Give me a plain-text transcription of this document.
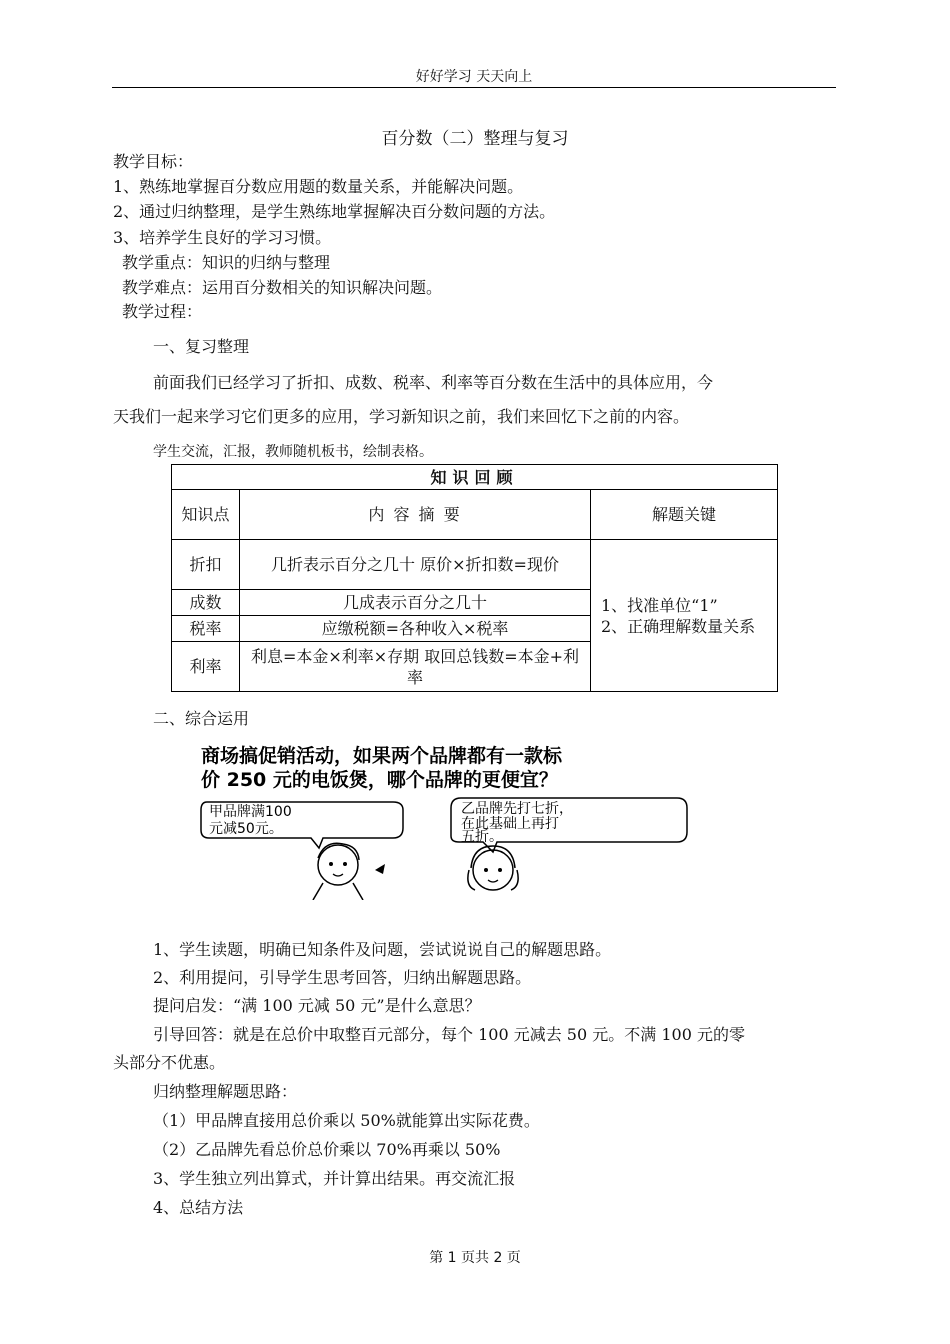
好好学习 天天向上
百分数（二）整理与复习
教学目标：
1、熟练地掌握百分数应用题的数量关系，并能解决问题。
2、通过归纳整理，是学生熟练地掌握解决百分数问题的方法。
3、培养学生良好的学习习惯。
教学重点：知识的归纳与整理
教学难点：运用百分数相关的知识解决问题。
教学过程：
一、复习整理
前面我们已经学习了折扣、成数、税率、利率等百分数在生活中的具体应用，今
天我们一起来学习它们更多的应用，学习新知识之前，我们来回忆下之前的内容。
学生交流，汇报，教师随机板书，绘制表格。
知识回顾		
知识点	内 容 摘 要	解题关键
折扣	几折表示百分之几十 原价×折扣数=现价	1、找准单位“1”
2、正确理解数量关系

成数	几成表示百分之几十	
税率	应缴税额=各种收入×税率	
利率	利息=本金×利率×存期 取回总钱数=本金+利率	
二、综合运用
商场搞促销活动，如果两个品牌都有一款标
价 250 元的电饭煲，哪个品牌的更便宜？
甲品牌满100
元减50元。
乙品牌先打七折，
在此基础上再打
五折。
1、学生读题，明确已知条件及问题，尝试说说自己的解题思路。
2、利用提问，引导学生思考回答，归纳出解题思路。
提问启发：“满 100 元减 50 元”是什么意思？
引导回答：就是在总价中取整百元部分，每个 100 元减去 50 元。不满 100 元的零
头部分不优惠。
归纳整理解题思路：
（1）甲品牌直接用总价乘以 50%就能算出实际花费。
（2）乙品牌先看总价总价乘以 70%再乘以 50%
3、学生独立列出算式，并计算出结果。再交流汇报
4、总结方法
第 1 页共 2 页
